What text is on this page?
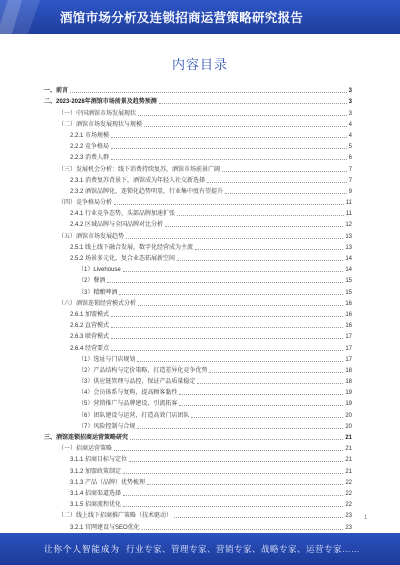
酒馆市场分析及连锁招商运营策略研究报告
内容目录
一、前言	3
二、2023-2028年酒馆市场前景及趋势预测	3
（一）中国酒馆市场发展现状	3
（二）酒馆市场发展现状与规模	4
2.2.1 市场规模	4
2.2.2 竞争格局	5
2.2.3 消费人群	6
（三）发展机会分析：线下消费持续复苏，酒馆市场前景广阔	7
2.3.1 消费复苏背景下，酒馆成为年轻人社交新选择	7
2.3.2 酒馆品牌化、连锁化趋势明显，行业集中度有望提升	9
（四）竞争格局分析	11
2.4.1 行业竞争态势，头部品牌加速扩张	11
2.4.2 区域品牌与全国品牌对比分析	12
（五）酒馆市场发展趋势	13
2.5.1 线上线下融合发展，数字化经营成为主流	13
2.5.2 场景多元化，复合业态拓展新空间	14
（1）Livehouse	14
（2）餐酒	15
（3）精酿啤酒	15
（六）酒馆连锁经营模式分析	16
2.6.1 加盟模式	16
2.6.2 直营模式	16
2.6.3 联营模式	17
2.6.4 经营要点	17
（1）选址与门店规划	17
（2）产品结构与定价策略，打造差异化竞争优势	18
（3）供应链管理与品控，保证产品质量稳定	18
（4）会员体系与复购，提高顾客黏性	19
（5）营销推广与品牌建设，引流拓客	19
（6）团队建设与运营，打造高效门店团队	20
（7）风险控制与合规	20
三、酒馆连锁招商运营策略研究	21
（一）招商运营策略	21
3.1.1 招商目标与定位	21
3.1.2 加盟政策制定	21
3.1.3 产品（品牌）优势梳理	22
3.1.4 招商渠道选择	22
3.1.5 招商流程优化	22
（二）线上线下招商推广策略（技术驱动）	23
3.2.1 官网建设与SEO优化	23
1
让你个人智能成为 行业专家、管理专家、营销专家、战略专家、运营专家……
